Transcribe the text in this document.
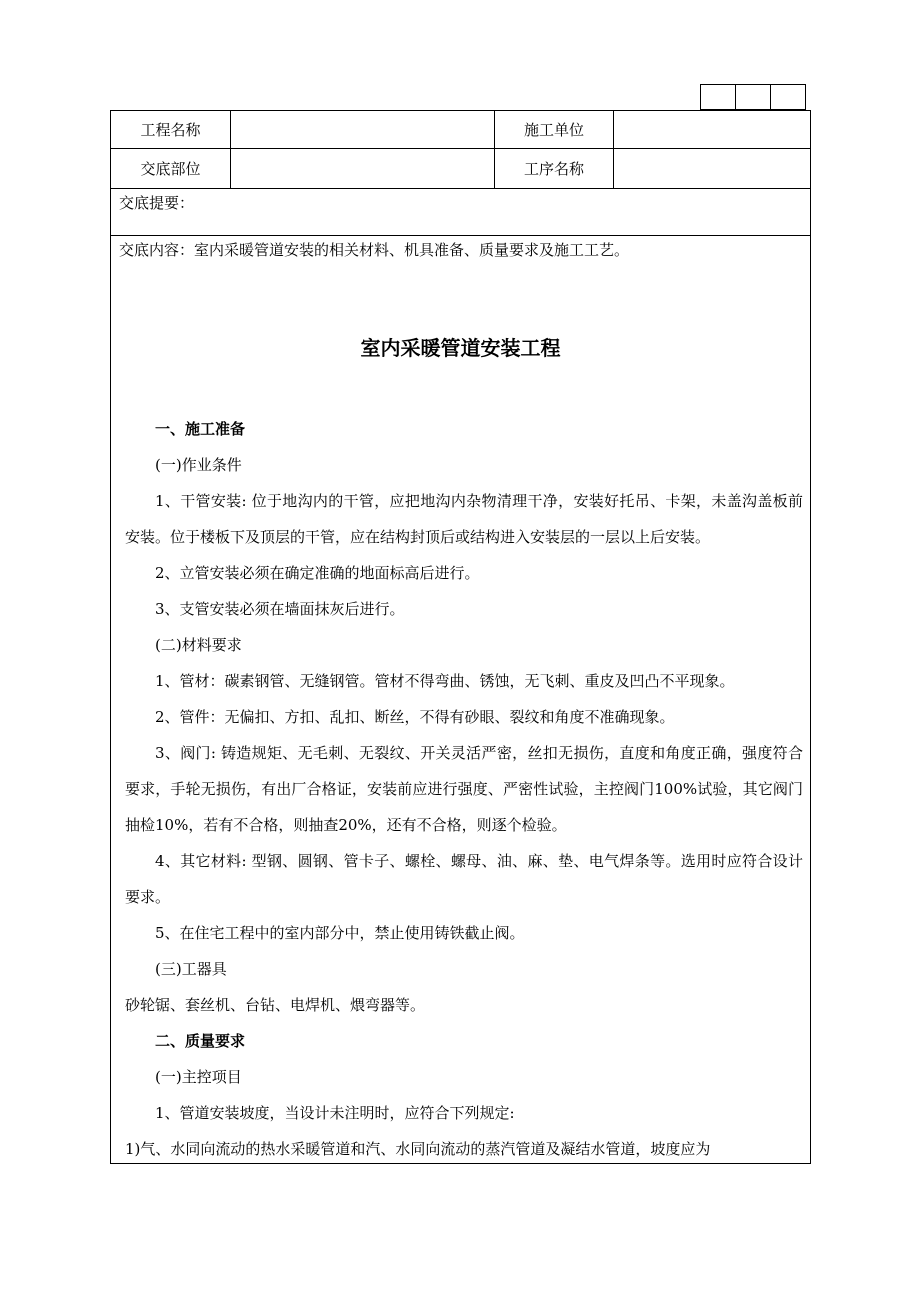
工程名称	施工单位
交底部位	工序名称
交底提要：
交底内容：室内采暖管道安装的相关材料、机具准备、质量要求及施工工艺。
室内采暖管道安装工程

一、施工准备

(一)作业条件

1、干管安装: 位于地沟内的干管，应把地沟内杂物清理干净，安装好托吊、卡架，未盖沟盖板前安装。位于楼板下及顶层的干管，应在结构封顶后或结构进入安装层的一层以上后安装。

2、立管安装必须在确定准确的地面标高后进行。

3、支管安装必须在墙面抹灰后进行。

(二)材料要求

1、管材：碳素钢管、无缝钢管。管材不得弯曲、锈蚀，无飞刺、重皮及凹凸不平现象。

2、管件：无偏扣、方扣、乱扣、断丝，不得有砂眼、裂纹和角度不准确现象。

3、阀门: 铸造规矩、无毛刺、无裂纹、开关灵活严密，丝扣无损伤，直度和角度正确，强度符合要求，手轮无损伤，有出厂合格证，安装前应进行强度、严密性试验，主控阀门100%试验，其它阀门抽检10%，若有不合格，则抽查20%，还有不合格，则逐个检验。

4、其它材料: 型钢、圆钢、管卡子、螺栓、螺母、油、麻、垫、电气焊条等。选用时应符合设计要求。

5、在住宅工程中的室内部分中，禁止使用铸铁截止阀。

(三)工器具

砂轮锯、套丝机、台钻、电焊机、煨弯器等。

二、质量要求

(一)主控项目

1、管道安装坡度，当设计未注明时，应符合下列规定:

1)气、水同向流动的热水采暖管道和汽、水同向流动的蒸汽管道及凝结水管道，坡度应为
